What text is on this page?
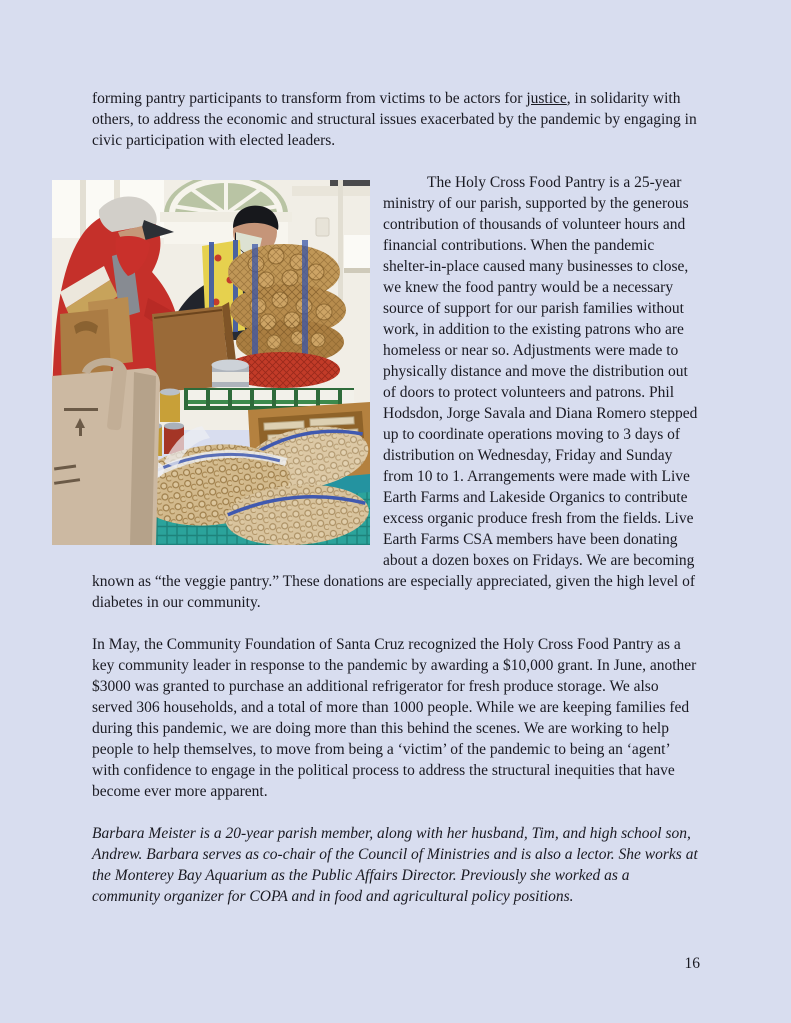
forming pantry participants to transform from victims to be actors for justice, in solidarity with others, to address the economic and structural issues exacerbated by the pandemic by engaging in civic participation with elected leaders.

The Holy Cross Food Pantry is a 25-year ministry of our parish, supported by the generous contribution of thousands of volunteer hours and financial contributions. When the pandemic shelter-in-place caused many businesses to close, we knew the food pantry would be a necessary source of support for our parish families without work, in addition to the existing patrons who are homeless or near so. Adjustments were made to physically distance and move the distribution out of doors to protect volunteers and patrons. Phil Hodsdon, Jorge Savala and Diana Romero stepped up to coordinate operations moving to 3 days of distribution on Wednesday, Friday and Sunday from 10 to 1. Arrangements were made with Live Earth Farms and Lakeside Organics to contribute excess organic produce fresh from the fields. Live Earth Farms CSA members have been donating about a dozen boxes on Fridays. We are becoming known as “the veggie pantry.” These donations are especially appreciated, given the high level of diabetes in our community.

In May, the Community Foundation of Santa Cruz recognized the Holy Cross Food Pantry as a key community leader in response to the pandemic by awarding a $10,000 grant. In June, another $3000 was granted to purchase an additional refrigerator for fresh produce storage. We also served 306 households, and a total of more than 1000 people. While we are keeping families fed during this pandemic, we are doing more than this behind the scenes. We are working to help people to help themselves, to move from being a ‘victim’ of the pandemic to being an ‘agent’ with confidence to engage in the political process to address the structural inequities that have become ever more apparent.

Barbara Meister is a 20-year parish member, along with her husband, Tim, and high school son, Andrew. Barbara serves as co-chair of the Council of Ministries and is also a lector. She works at the Monterey Bay Aquarium as the Public Affairs Director. Previously she worked as a community organizer for COPA and in food and agricultural policy positions.

16
